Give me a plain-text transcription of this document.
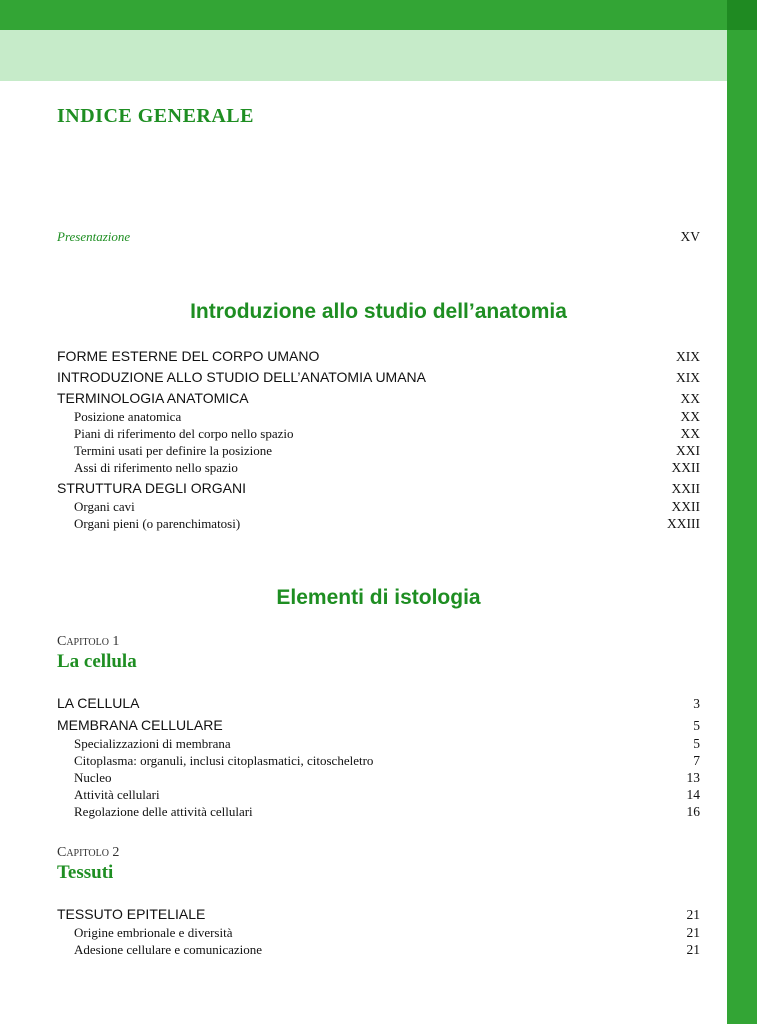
INDICE GENERALE
Presentazione	XV
Introduzione allo studio dell’anatomia
FORME ESTERNE DEL CORPO UMANO	XIX
INTRODUZIONE ALLO STUDIO DELL’ANATOMIA UMANA	XIX
TERMINOLOGIA ANATOMICA	XX
Posizione anatomica	XX
Piani di riferimento del corpo nello spazio	XX
Termini usati per definire la posizione	XXI
Assi di riferimento nello spazio	XXII
STRUTTURA DEGLI ORGANI	XXII
Organi cavi	XXII
Organi pieni (o parenchimatosi)	XXIII
Elementi di istologia
Capitolo 1
La cellula
LA CELLULA	3
MEMBRANA CELLULARE	5
Specializzazioni di membrana	5
Citoplasma: organuli, inclusi citoplasmatici, citoscheletro	7
Nucleo	13
Attività cellulari	14
Regolazione delle attività cellulari	16
Capitolo 2
Tessuti
TESSUTO EPITELIALE	21
Origine embrionale e diversità	21
Adesione cellulare e comunicazione	21
